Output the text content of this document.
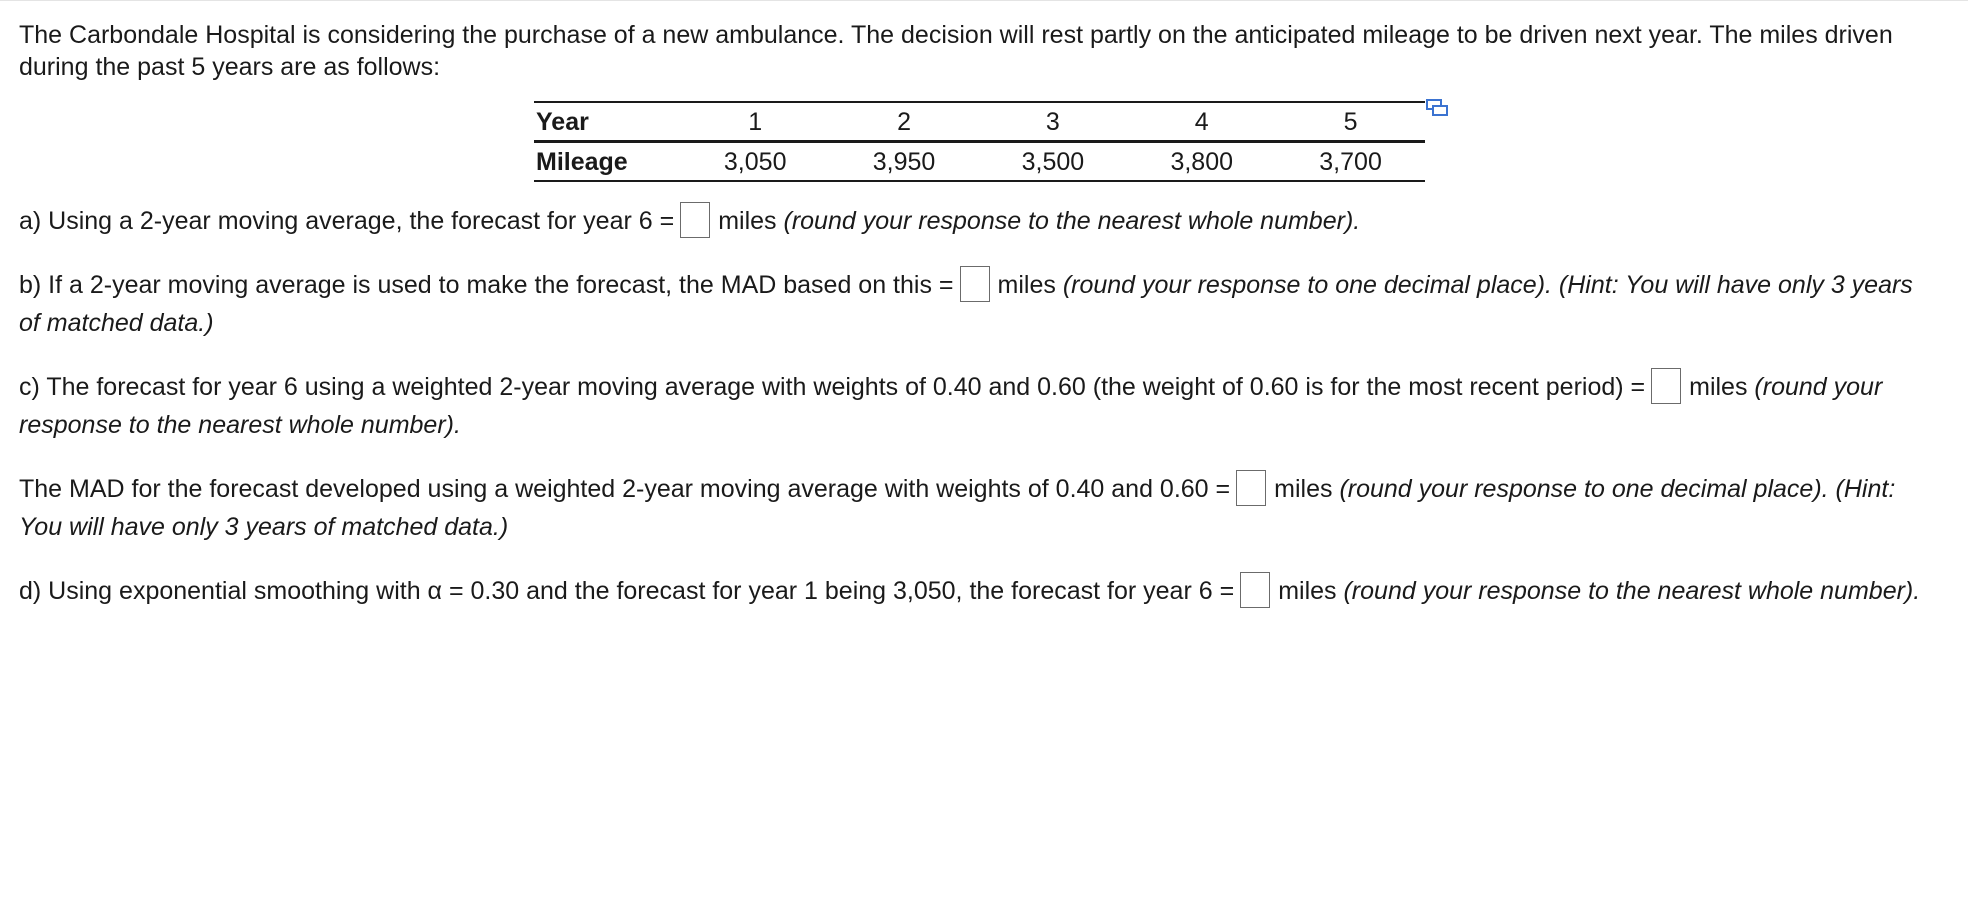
The Carbondale Hospital is considering the purchase of a new ambulance. The decision will rest partly on the anticipated mileage to be driven next year. The miles driven during the past 5 years are as follows:

Year	1	2	3	4	5
Mileage	3,050	3,950	3,500	3,800	3,700

a) Using a 2-year moving average, the forecast for year 6 = miles (round your response to the nearest whole number).

b) If a 2-year moving average is used to make the forecast, the MAD based on this = miles (round your response to one decimal place). (Hint: You will have only 3 years of matched data.)

c) The forecast for year 6 using a weighted 2-year moving average with weights of 0.40 and 0.60 (the weight of 0.60 is for the most recent period) = miles (round your response to the nearest whole number).

The MAD for the forecast developed using a weighted 2-year moving average with weights of 0.40 and 0.60 = miles (round your response to one decimal place). (Hint: You will have only 3 years of matched data.)

d) Using exponential smoothing with α = 0.30 and the forecast for year 1 being 3,050, the forecast for year 6 = miles (round your response to the nearest whole number).
